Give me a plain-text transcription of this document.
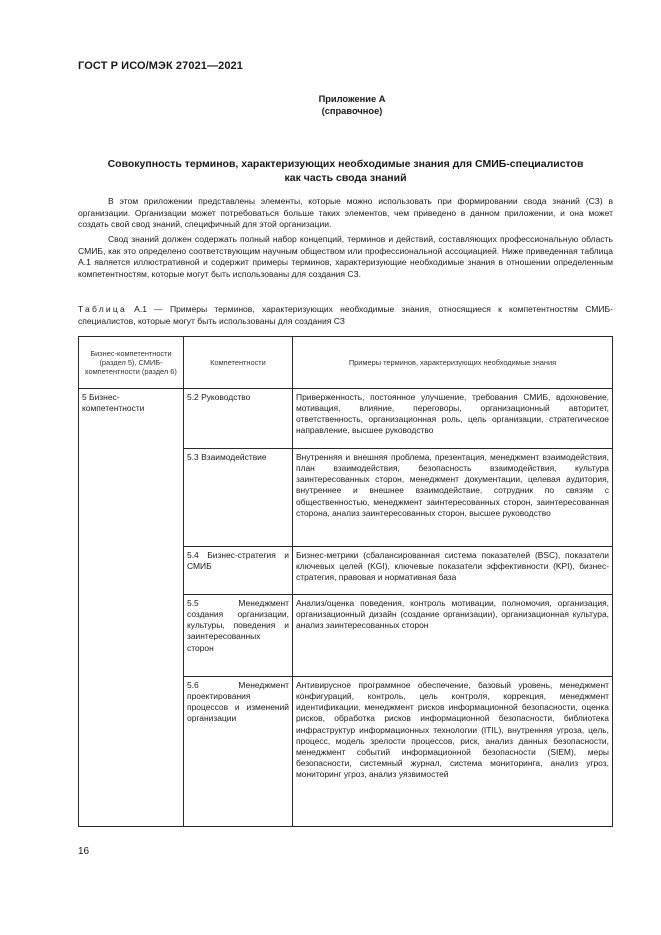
ГОСТ Р ИСО/МЭК 27021—2021
Приложение А
(справочное)
Совокупность терминов, характеризующих необходимые знания для СМИБ-специалистов
как часть свода знаний
В этом приложении представлены элементы, которые можно использовать при формировании свода знаний (СЗ) в организации. Организации может потребоваться больше таких элементов, чем приведено в данном приложении, и она может создать свой свод знаний, специфичный для этой организации.
Свод знаний должен содержать полный набор концепций, терминов и действий, составляющих профессиональную область СМИБ, как это определено соответствующим научным обществом или профессиональной ассоциацией. Ниже приведенная таблица А.1 является иллюстративной и содержит примеры терминов, характеризующие необходимые знания в отношении определенным компетентностям, которые могут быть использованы для создания СЗ.
Таблица А.1 — Примеры терминов, характеризующих необходимые знания, относящиеся к компетентностям СМИБ-специалистов, которые могут быть использованы для создания СЗ
Бизнес-компетентности (раздел 5), СМИБ-компетентности (раздел 6)	Компетентности	Примеры терминов, характеризующих необходимые знания

5 Бизнес-компетентности	5.2 Руководство	Приверженность, постоянное улучшение, требования СМИБ, вдохновение, мотивация, влияние, переговоры, организационный авторитет, ответственность, организационная роль, цель организации, стратегическое направление, высшее руководство

	5.3 Взаимодействие	Внутренняя и внешняя проблема, презентация, менеджмент взаимодействия, план взаимодействия, безопасность взаимодействия, культура заинтересованных сторон, менеджмент документации, целевая аудитория, внутреннее и внешнее взаимодействие, сотрудник по связям с общественностью, менеджмент заинтересованных сторон, заинтересованная сторона, анализ заинтересованных сторон, высшее руководство

	5.4 Бизнес-стратегия и СМИБ	Бизнес-метрики (сбалансированная система показателей (BSC), показатели ключевых целей (KGI), ключевые показатели эффективности (KPI), бизнес-стратегия, правовая и нормативная база

	5.5 Менеджмент создания организации, культуры, поведения и заинтересованных сторон	Анализ/оценка поведения, контроль мотивации, полномочия, организация, организационный дизайн (создание организации), организационная культура, анализ заинтересованных сторон

	5.6 Менеджмент проектирования процессов и изменений организации	Антивирусное программное обеспечение, базовый уровень, менеджмент конфигураций, контроль, цель контроля, коррекция, менеджмент идентификации, менеджмент рисков информационной безопасности, оценка рисков, обработка рисков информационной безопасности, библиотека инфраструктур информационных технологии (ITIL), внутренняя угроза, цель, процесс, модель зрелости процессов, риск, анализ данных безопасности, менеджмент событий информационной безопасности (SIEM), меры безопасности, системный журнал, система мониторинга, анализ угроз, мониторинг угроз, анализ уязвимостей
16
